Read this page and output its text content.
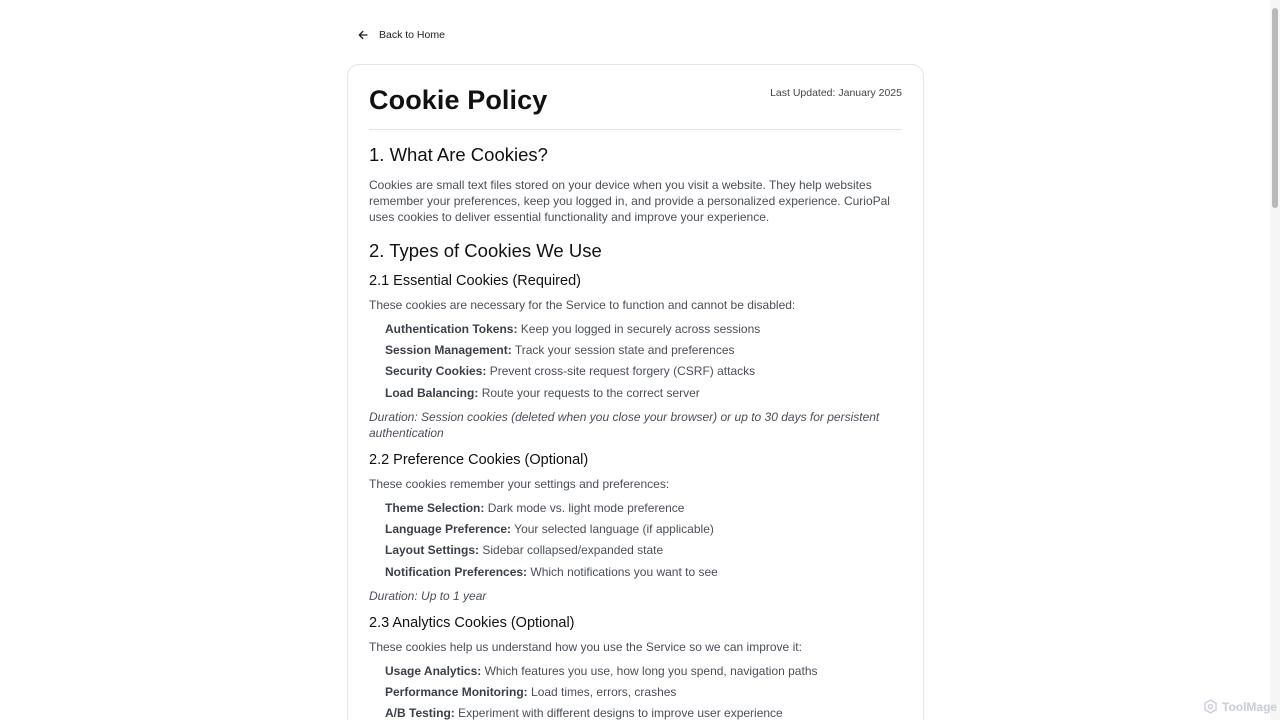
Back to Home
Cookie Policy	Last Updated: January 2025
1. What Are Cookies?
Cookies are small text files stored on your device when you visit a website. They help websites remember your preferences, keep you logged in, and provide a personalized experience. CurioPal uses cookies to deliver essential functionality and improve your experience.
2. Types of Cookies We Use
2.1 Essential Cookies (Required)
These cookies are necessary for the Service to function and cannot be disabled:
Authentication Tokens: Keep you logged in securely across sessions
Session Management: Track your session state and preferences
Security Cookies: Prevent cross-site request forgery (CSRF) attacks
Load Balancing: Route your requests to the correct server
Duration: Session cookies (deleted when you close your browser) or up to 30 days for persistent authentication
2.2 Preference Cookies (Optional)
These cookies remember your settings and preferences:
Theme Selection: Dark mode vs. light mode preference
Language Preference: Your selected language (if applicable)
Layout Settings: Sidebar collapsed/expanded state
Notification Preferences: Which notifications you want to see
Duration: Up to 1 year
2.3 Analytics Cookies (Optional)
These cookies help us understand how you use the Service so we can improve it:
Usage Analytics: Which features you use, how long you spend, navigation paths
Performance Monitoring: Load times, errors, crashes
A/B Testing: Experiment with different designs to improve user experience	ToolMage
